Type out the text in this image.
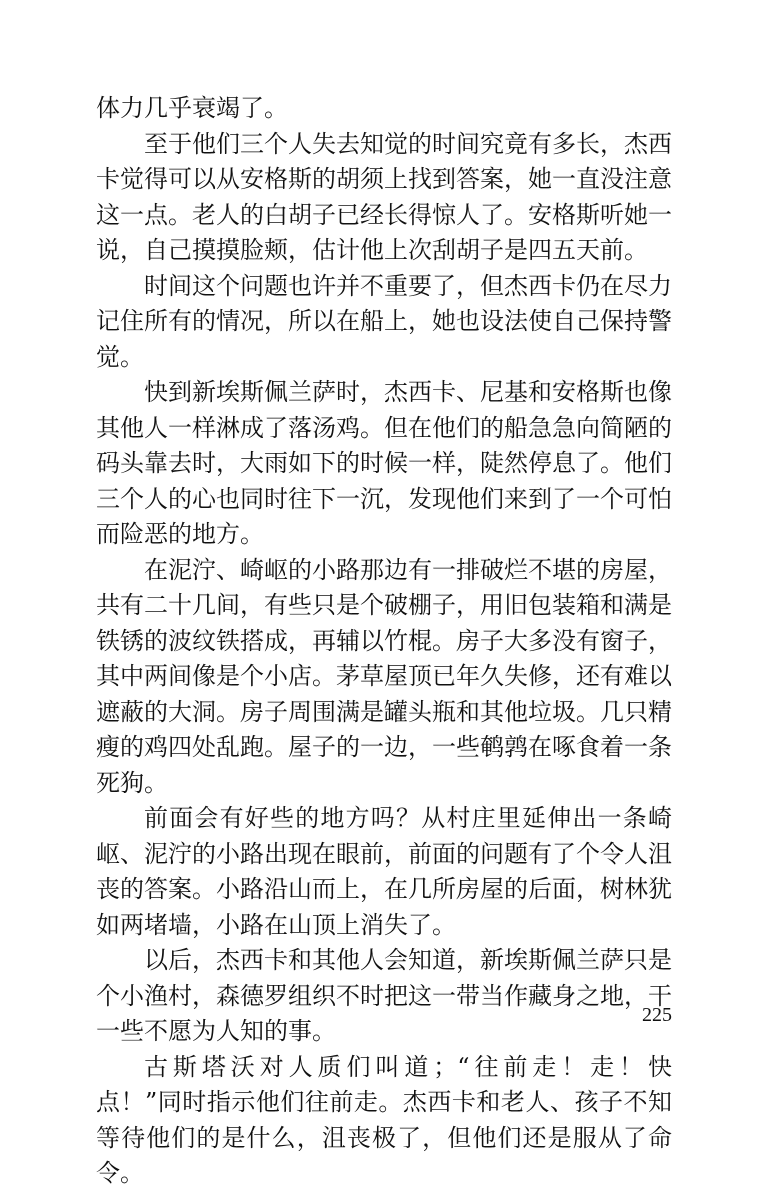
体力几乎衰竭了。

至于他们三个人失去知觉的时间究竟有多长，杰西卡觉得可以从安格斯的胡须上找到答案，她一直没注意这一点。老人的白胡子已经长得惊人了。安格斯听她一说，自己摸摸脸颊，估计他上次刮胡子是四五天前。

时间这个问题也许并不重要了，但杰西卡仍在尽力记住所有的情况，所以在船上，她也设法使自己保持警觉。

快到新埃斯佩兰萨时，杰西卡、尼基和安格斯也像其他人一样淋成了落汤鸡。但在他们的船急急向简陋的码头靠去时，大雨如下的时候一样，陡然停息了。他们三个人的心也同时往下一沉，发现他们来到了一个可怕而险恶的地方。

在泥泞、崎岖的小路那边有一排破烂不堪的房屋，共有二十几间，有些只是个破棚子，用旧包装箱和满是铁锈的波纹铁搭成，再辅以竹棍。房子大多没有窗子，其中两间像是个小店。茅草屋顶已年久失修，还有难以遮蔽的大洞。房子周围满是罐头瓶和其他垃圾。几只精瘦的鸡四处乱跑。屋子的一边，一些鹌鹑在啄食着一条死狗。

前面会有好些的地方吗？从村庄里延伸出一条崎岖、泥泞的小路出现在眼前，前面的问题有了个令人沮丧的答案。小路沿山而上，在几所房屋的后面，树林犹如两堵墙，小路在山顶上消失了。

以后，杰西卡和其他人会知道，新埃斯佩兰萨只是个小渔村，森德罗组织不时把这一带当作藏身之地，干一些不愿为人知的事。

古斯塔沃对人质们叫道；“往前走！走！快点！”同时指示他们往前走。杰西卡和老人、孩子不知等待他们的是什么，沮丧极了，但他们还是服从了命令。

225
